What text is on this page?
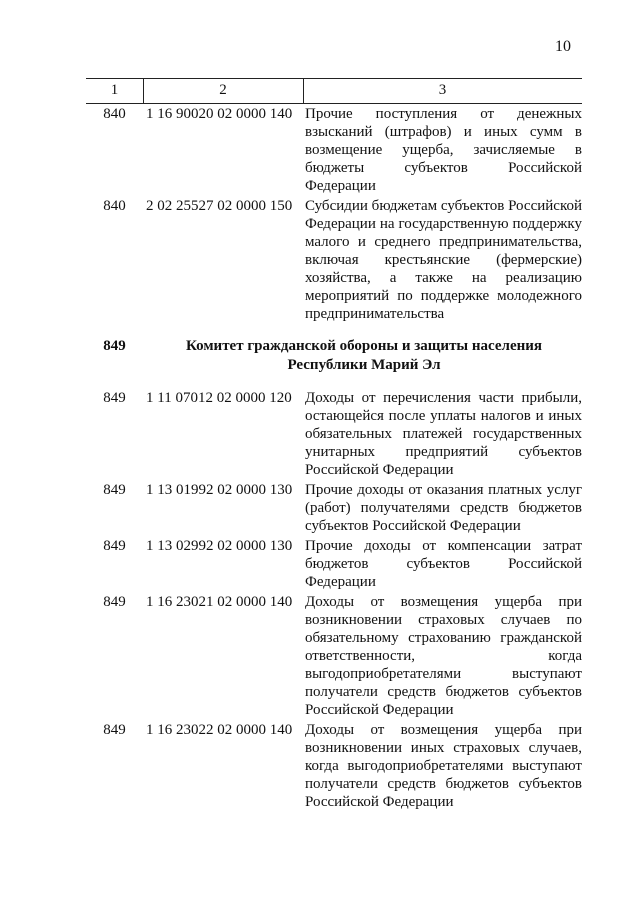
10
1	2	3
840	1 16 90020 02 0000 140 Прочие поступления от денежных взысканий (штрафов) и иных сумм в возмещение ущерба, зачисляемые в бюджеты субъектов Российской Федерации
840	2 02 25527 02 0000 150 Субсидии бюджетам субъектов Российской Федерации на государственную поддержку малого и среднего предпринимательства, включая крестьянские (фермерские) хозяйства, а также на реализацию мероприятий по поддержке молодежного предпринимательства
849	Комитет гражданской обороны и защиты населения
Республики Марий Эл
849	1 11 07012 02 0000 120 Доходы от перечисления части прибыли, остающейся после уплаты налогов и иных обязательных платежей государственных унитарных предприятий субъектов Российской Федерации
849	1 13 01992 02 0000 130 Прочие доходы от оказания платных услуг (работ) получателями средств бюджетов субъектов Российской Федерации
849	1 13 02992 02 0000 130 Прочие доходы от компенсации затрат бюджетов субъектов Российской Федерации
849	1 16 23021 02 0000 140 Доходы от возмещения ущерба при возникновении страховых случаев по обязательному страхованию гражданской ответственности, когда выгодоприобретателями выступают получатели средств бюджетов субъектов Российской Федерации
849	1 16 23022 02 0000 140 Доходы от возмещения ущерба при возникновении иных страховых случаев, когда выгодоприобретателями выступают получатели средств бюджетов субъектов Российской Федерации
